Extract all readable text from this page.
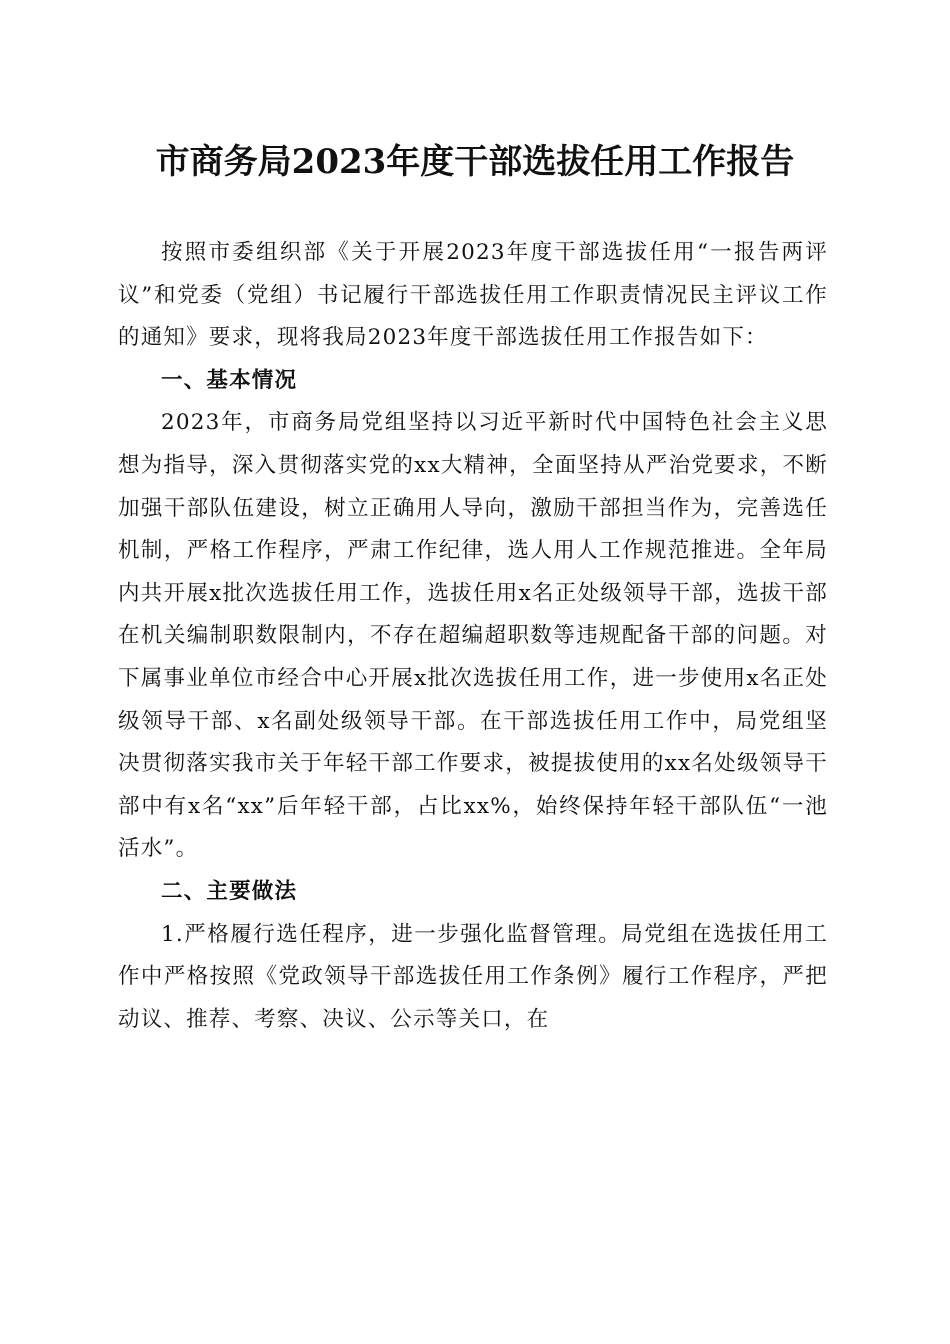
市商务局2023年度干部选拔任用工作报告

按照市委组织部《关于开展2023年度干部选拔任用“一报告两评议”和党委（党组）书记履行干部选拔任用工作职责情况民主评议工作的通知》要求，现将我局2023年度干部选拔任用工作报告如下：

一、基本情况

2023年，市商务局党组坚持以习近平新时代中国特色社会主义思想为指导，深入贯彻落实党的xx大精神，全面坚持从严治党要求，不断加强干部队伍建设，树立正确用人导向，激励干部担当作为，完善选任机制，严格工作程序，严肃工作纪律，选人用人工作规范推进。全年局内共开展x批次选拔任用工作，选拔任用x名正处级领导干部，选拔干部在机关编制职数限制内，不存在超编超职数等违规配备干部的问题。对下属事业单位市经合中心开展x批次选拔任用工作，进一步使用x名正处级领导干部、x名副处级领导干部。在干部选拔任用工作中，局党组坚决贯彻落实我市关于年轻干部工作要求，被提拔使用的xx名处级领导干部中有x名“xx”后年轻干部，占比xx%，始终保持年轻干部队伍“一池活水”。

二、主要做法

1.严格履行选任程序，进一步强化监督管理。局党组在选拔任用工作中严格按照《党政领导干部选拔任用工作条例》履行工作程序，严把动议、推荐、考察、决议、公示等关口，在
